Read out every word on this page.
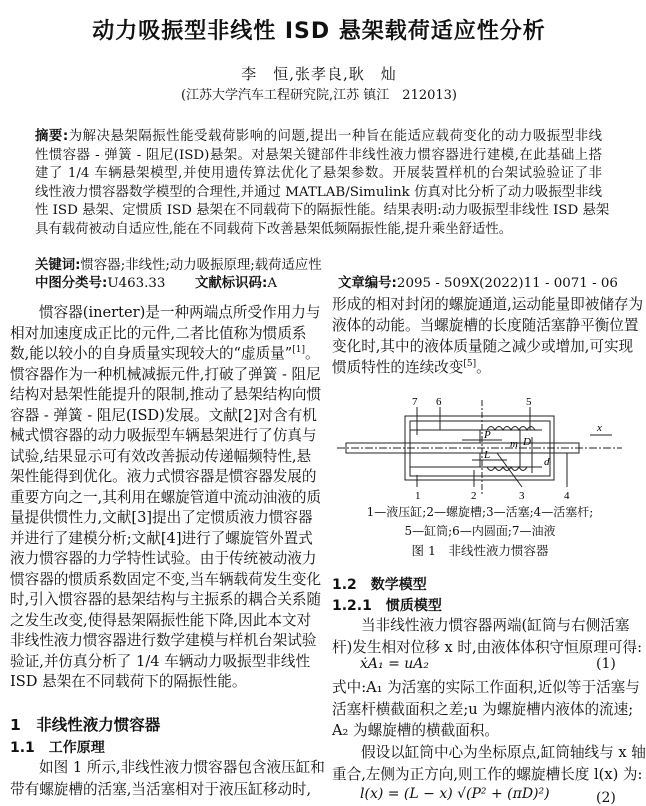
动力吸振型非线性 ISD 悬架载荷适应性分析
李　恒,张孝良,耿　灿
(江苏大学汽车工程研究院,江苏 镇江　212013)
摘要:为解决悬架隔振性能受载荷影响的问题,提出一种旨在能适应载荷变化的动力吸振型非线
性惯容器 - 弹簧 - 阻尼(ISD)悬架。对悬架关键部件非线性液力惯容器进行建模,在此基础上搭
建了 1/4 车辆悬架模型,并使用遗传算法优化了悬架参数。开展装置样机的台架试验验证了非
线性液力惯容器数学模型的合理性,并通过 MATLAB/Simulink 仿真对比分析了动力吸振型非线
性 ISD 悬架、定惯质 ISD 悬架在不同载荷下的隔振性能。结果表明:动力吸振型非线性 ISD 悬架
具有载荷被动自适应性,能在不同载荷下改善悬架低频隔振性能,提升乘坐舒适性。
关键词:惯容器;非线性;动力吸振原理;载荷适应性
中图分类号:U463.33 文献标识码:A	文章编号:2095 - 509X(2022)11 - 0071 - 06
惯容器(inerter)是一种两端点所受作用力与
相对加速度成正比的元件,二者比值称为惯质系
数,能以较小的自身质量实现较大的“虚质量”[1]。
惯容器作为一种机械减振元件,打破了弹簧 - 阻尼
结构对悬架性能提升的限制,推动了悬架结构向惯
容器 - 弹簧 - 阻尼(ISD)发展。文献[2]对含有机
械式惯容器的动力吸振型车辆悬架进行了仿真与
试验,结果显示可有效改善振动传递幅频特性,悬
架性能得到优化。液力式惯容器是惯容器发展的
重要方向之一,其利用在螺旋管道中流动油液的质
量提供惯性力,文献[3]提出了定惯质液力惯容器
并进行了建模分析;文献[4]进行了螺旋管外置式
液力惯容器的力学特性试验。由于传统被动液力
惯容器的惯质系数固定不变,当车辆载荷发生变化
时,引入惯容器的悬架结构与主振系的耦合关系随
之发生改变,使得悬架隔振性能下降,因此本文对
非线性液力惯容器进行数学建模与样机台架试验
验证,并仿真分析了 1/4 车辆动力吸振型非线性
ISD 悬架在不同载荷下的隔振性能。
1　非线性液力惯容器
1.1　工作原理
如图 1 所示,非线性液力惯容器包含液压缸和
带有螺旋槽的活塞,当活塞相对于液压缸移动时,
形成的相对封闭的螺旋通道,运动能量即被储存为
液体的动能。当螺旋槽的长度随活塞静平衡位置
变化时,其中的液体质量随之减少或增加,可实现
惯质特性的连续改变[5]。
7 6	5
1	2	3	4
P
L
m D
d
x
1—液压缸;2—螺旋槽;3—活塞;4—活塞杆;
5—缸筒;6—内圆面;7—油液
图 1　非线性液力惯容器
1.2　数学模型
1.2.1　惯质模型
当非线性液力惯容器两端(缸筒与右侧活塞
杆)发生相对位移 x 时,由液体体积守恒原理可得:
ẋA₁ = uA₂	(1)
式中:A₁ 为活塞的实际工作面积,近似等于活塞与
活塞杆横截面积之差;u 为螺旋槽内液体的流速;
A₂ 为螺旋槽的横截面积。
假设以缸筒中心为坐标原点,缸筒轴线与 x 轴
重合,左侧为正方向,则工作的螺旋槽长度 l(x) 为:
l(x) = (L − x) √(P² + (πD)²)	(2)
